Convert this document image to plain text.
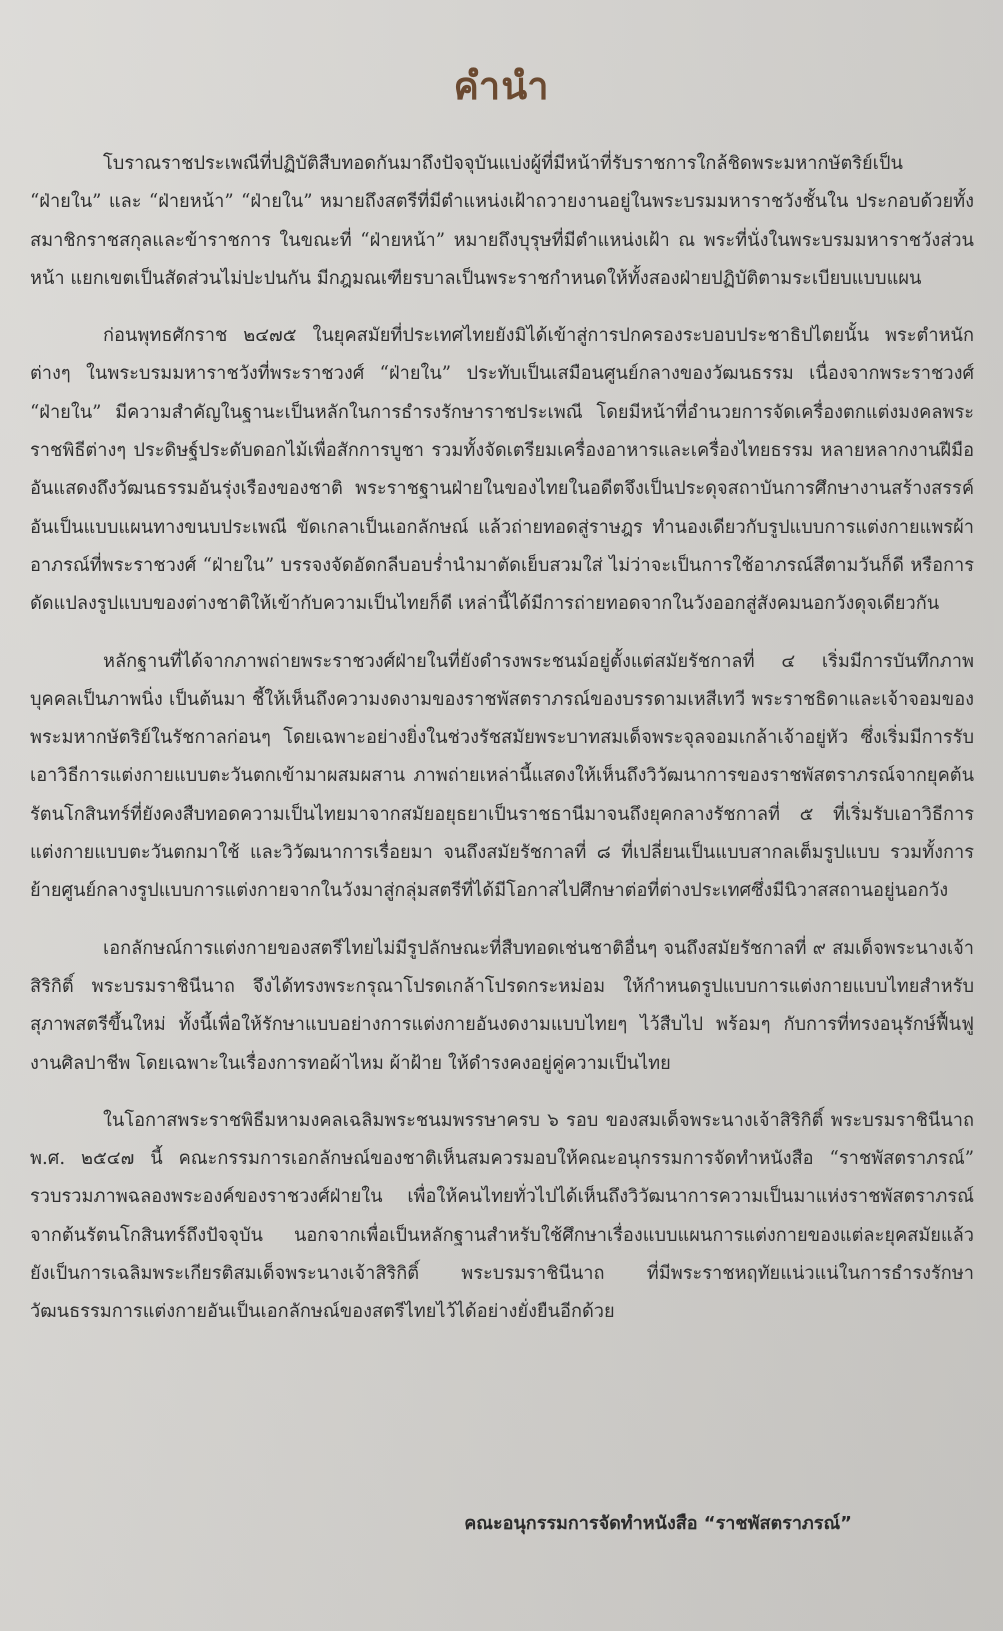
คำนำ

โบราณราชประเพณีที่ปฏิบัติสืบทอดกันมาถึงปัจจุบันแบ่งผู้ที่มีหน้าที่รับราชการใกล้ชิดพระมหากษัตริย์เป็น “ฝ่ายใน” และ “ฝ่ายหน้า” “ฝ่ายใน” หมายถึงสตรีที่มีตำแหน่งเฝ้าถวายงานอยู่ในพระบรมมหาราชวังชั้นใน ประกอบด้วยทั้งสมาชิกราชสกุลและข้าราชการ ในขณะที่ “ฝ่ายหน้า” หมายถึงบุรุษที่มีตำแหน่งเฝ้า ณ พระที่นั่งในพระบรมมหาราชวังส่วนหน้า แยกเขตเป็นสัดส่วนไม่ปะปนกัน มีกฎมณเฑียรบาลเป็นพระราชกำหนดให้ทั้งสองฝ่ายปฏิบัติตามระเบียบแบบแผน

ก่อนพุทธศักราช ๒๔๗๕ ในยุคสมัยที่ประเทศไทยยังมิได้เข้าสู่การปกครองระบอบประชาธิปไตยนั้น พระตำหนักต่างๆ ในพระบรมมหาราชวังที่พระราชวงศ์ “ฝ่ายใน” ประทับเป็นเสมือนศูนย์กลางของวัฒนธรรม เนื่องจากพระราชวงศ์ “ฝ่ายใน” มีความสำคัญในฐานะเป็นหลักในการธำรงรักษาราชประเพณี โดยมีหน้าที่อำนวยการจัดเครื่องตกแต่งมงคลพระราชพิธีต่างๆ ประดิษฐ์ประดับดอกไม้เพื่อสักการบูชา รวมทั้งจัดเตรียมเครื่องอาหารและเครื่องไทยธรรม หลายหลากงานฝีมืออันแสดงถึงวัฒนธรรมอันรุ่งเรืองของชาติ พระราชฐานฝ่ายในของไทยในอดีตจึงเป็นประดุจสถาบันการศึกษางานสร้างสรรค์อันเป็นแบบแผนทางขนบประเพณี ขัดเกลาเป็นเอกลักษณ์ แล้วถ่ายทอดสู่ราษฎร ทำนองเดียวกับรูปแบบการแต่งกายแพรผ้าอาภรณ์ที่พระราชวงศ์ “ฝ่ายใน” บรรจงจัดอัดกลีบอบร่ำนำมาตัดเย็บสวมใส่ ไม่ว่าจะเป็นการใช้อาภรณ์สีตามวันก็ดี หรือการดัดแปลงรูปแบบของต่างชาติให้เข้ากับความเป็นไทยก็ดี เหล่านี้ได้มีการถ่ายทอดจากในวังออกสู่สังคมนอกวังดุจเดียวกัน

หลักฐานที่ได้จากภาพถ่ายพระราชวงศ์ฝ่ายในที่ยังดำรงพระชนม์อยู่ตั้งแต่สมัยรัชกาลที่ ๔ เริ่มมีการบันทึกภาพบุคคลเป็นภาพนิ่ง เป็นต้นมา ชี้ให้เห็นถึงความงดงามของราชพัสตราภรณ์ของบรรดามเหสีเทวี พระราชธิดาและเจ้าจอมของพระมหากษัตริย์ในรัชกาลก่อนๆ โดยเฉพาะอย่างยิ่งในช่วงรัชสมัยพระบาทสมเด็จพระจุลจอมเกล้าเจ้าอยู่หัว ซึ่งเริ่มมีการรับเอาวิธีการแต่งกายแบบตะวันตกเข้ามาผสมผสาน ภาพถ่ายเหล่านี้แสดงให้เห็นถึงวิวัฒนาการของราชพัสตราภรณ์จากยุคต้นรัตนโกสินทร์ที่ยังคงสืบทอดความเป็นไทยมาจากสมัยอยุธยาเป็นราชธานีมาจนถึงยุคกลางรัชกาลที่ ๕ ที่เริ่มรับเอาวิธีการแต่งกายแบบตะวันตกมาใช้ และวิวัฒนาการเรื่อยมา จนถึงสมัยรัชกาลที่ ๘ ที่เปลี่ยนเป็นแบบสากลเต็มรูปแบบ รวมทั้งการย้ายศูนย์กลางรูปแบบการแต่งกายจากในวังมาสู่กลุ่มสตรีที่ได้มีโอกาสไปศึกษาต่อที่ต่างประเทศซึ่งมีนิวาสสถานอยู่นอกวัง

เอกลักษณ์การแต่งกายของสตรีไทยไม่มีรูปลักษณะที่สืบทอดเช่นชาติอื่นๆ จนถึงสมัยรัชกาลที่ ๙ สมเด็จพระนางเจ้าสิริกิติ์ พระบรมราชินีนาถ จึงได้ทรงพระกรุณาโปรดเกล้าโปรดกระหม่อม ให้กำหนดรูปแบบการแต่งกายแบบไทยสำหรับสุภาพสตรีขึ้นใหม่ ทั้งนี้เพื่อให้รักษาแบบอย่างการแต่งกายอันงดงามแบบไทยๆ ไว้สืบไป พร้อมๆ กับการที่ทรงอนุรักษ์ฟื้นฟูงานศิลปาชีพ โดยเฉพาะในเรื่องการทอผ้าไหม ผ้าฝ้าย ให้ดำรงคงอยู่คู่ความเป็นไทย

ในโอกาสพระราชพิธีมหามงคลเฉลิมพระชนมพรรษาครบ ๖ รอบ ของสมเด็จพระนางเจ้าสิริกิติ์ พระบรมราชินีนาถ พ.ศ. ๒๕๔๗ นี้ คณะกรรมการเอกลักษณ์ของชาติเห็นสมควรมอบให้คณะอนุกรรมการจัดทำหนังสือ “ราชพัสตราภรณ์” รวบรวมภาพฉลองพระองค์ของราชวงศ์ฝ่ายใน เพื่อให้คนไทยทั่วไปได้เห็นถึงวิวัฒนาการความเป็นมาแห่งราชพัสตราภรณ์ จากต้นรัตนโกสินทร์ถึงปัจจุบัน นอกจากเพื่อเป็นหลักฐานสำหรับใช้ศึกษาเรื่องแบบแผนการแต่งกายของแต่ละยุคสมัยแล้ว ยังเป็นการเฉลิมพระเกียรติสมเด็จพระนางเจ้าสิริกิติ์ พระบรมราชินีนาถ ที่มีพระราชหฤทัยแน่วแน่ในการธำรงรักษาวัฒนธรรมการแต่งกายอันเป็นเอกลักษณ์ของสตรีไทยไว้ได้อย่างยั่งยืนอีกด้วย

คณะอนุกรรมการจัดทำหนังสือ “ราชพัสตราภรณ์”
